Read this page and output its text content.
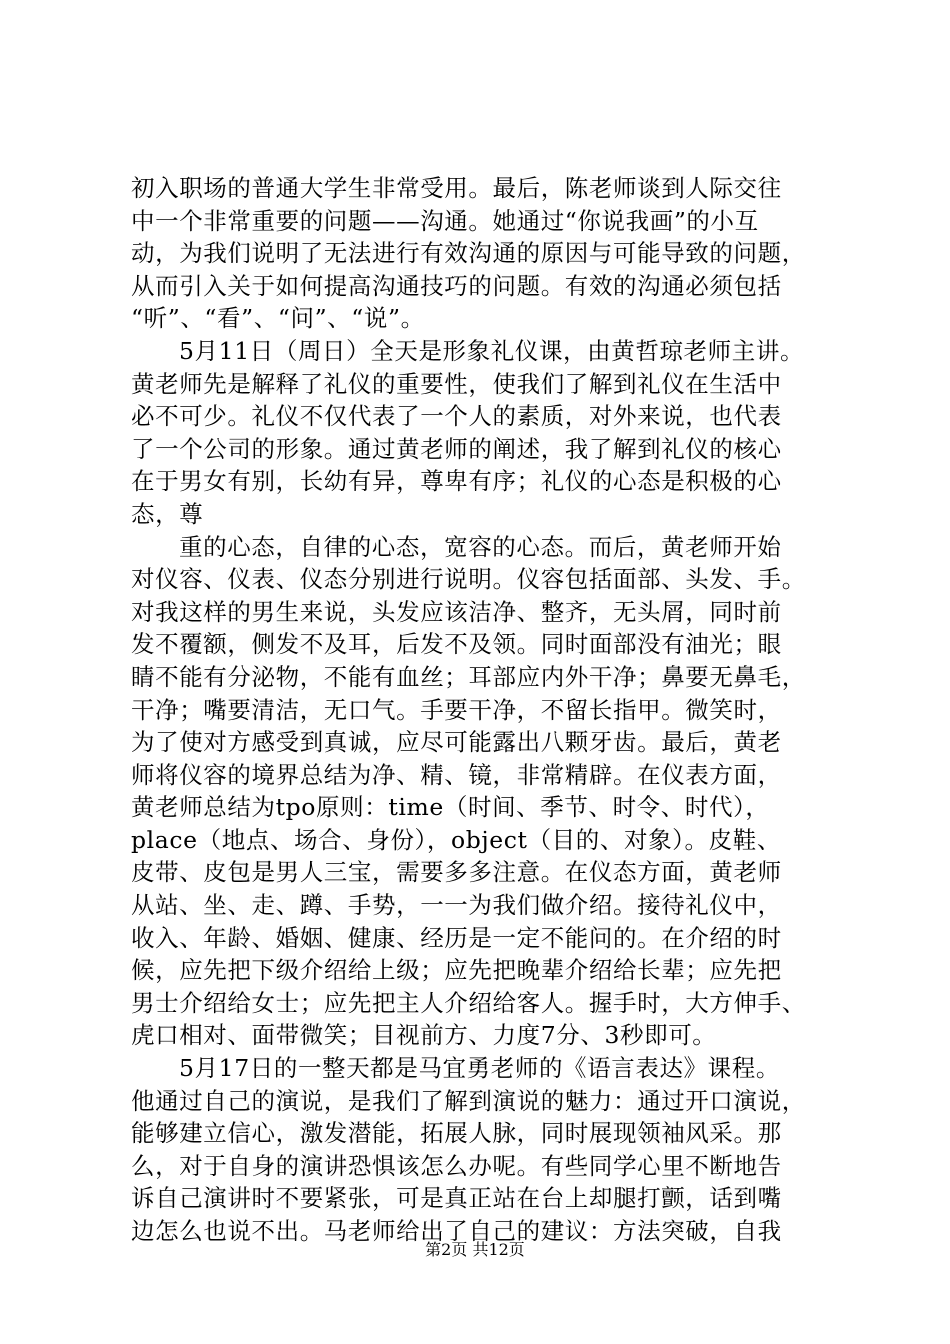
初入职场的普通大学生非常受用。最后，陈老师谈到人际交往
中一个非常重要的问题——沟通。她通过“你说我画”的小互
动，为我们说明了无法进行有效沟通的原因与可能导致的问题，
从而引入关于如何提高沟通技巧的问题。有效的沟通必须包括
“听”、“看”、“问”、“说”。
5月11日（周日）全天是形象礼仪课，由黄哲琼老师主讲。
黄老师先是解释了礼仪的重要性，使我们了解到礼仪在生活中
必不可少。礼仪不仅代表了一个人的素质，对外来说，也代表
了一个公司的形象。通过黄老师的阐述，我了解到礼仪的核心
在于男女有别，长幼有异，尊卑有序；礼仪的心态是积极的心
态，尊
重的心态，自律的心态，宽容的心态。而后，黄老师开始
对仪容、仪表、仪态分别进行说明。仪容包括面部、头发、手。
对我这样的男生来说，头发应该洁净、整齐，无头屑，同时前
发不覆额，侧发不及耳，后发不及领。同时面部没有油光；眼
睛不能有分泌物，不能有血丝；耳部应内外干净；鼻要无鼻毛，
干净；嘴要清洁，无口气。手要干净，不留长指甲。微笑时，
为了使对方感受到真诚，应尽可能露出八颗牙齿。最后，黄老
师将仪容的境界总结为净、精、镜，非常精辟。在仪表方面，
黄老师总结为tpo原则：time（时间、季节、时令、时代），
place（地点、场合、身份），object（目的、对象）。皮鞋、
皮带、皮包是男人三宝，需要多多注意。在仪态方面，黄老师
从站、坐、走、蹲、手势，一一为我们做介绍。接待礼仪中，
收入、年龄、婚姻、健康、经历是一定不能问的。在介绍的时
候，应先把下级介绍给上级；应先把晚辈介绍给长辈；应先把
男士介绍给女士；应先把主人介绍给客人。握手时，大方伸手、
虎口相对、面带微笑；目视前方、力度7分、3秒即可。
5月17日的一整天都是马宜勇老师的《语言表达》课程。
他通过自己的演说，是我们了解到演说的魅力：通过开口演说，
能够建立信心，激发潜能，拓展人脉，同时展现领袖风采。那
么，对于自身的演讲恐惧该怎么办呢。有些同学心里不断地告
诉自己演讲时不要紧张，可是真正站在台上却腿打颤，话到嘴
边怎么也说不出。马老师给出了自己的建议：方法突破，自我
第2页 共12页
